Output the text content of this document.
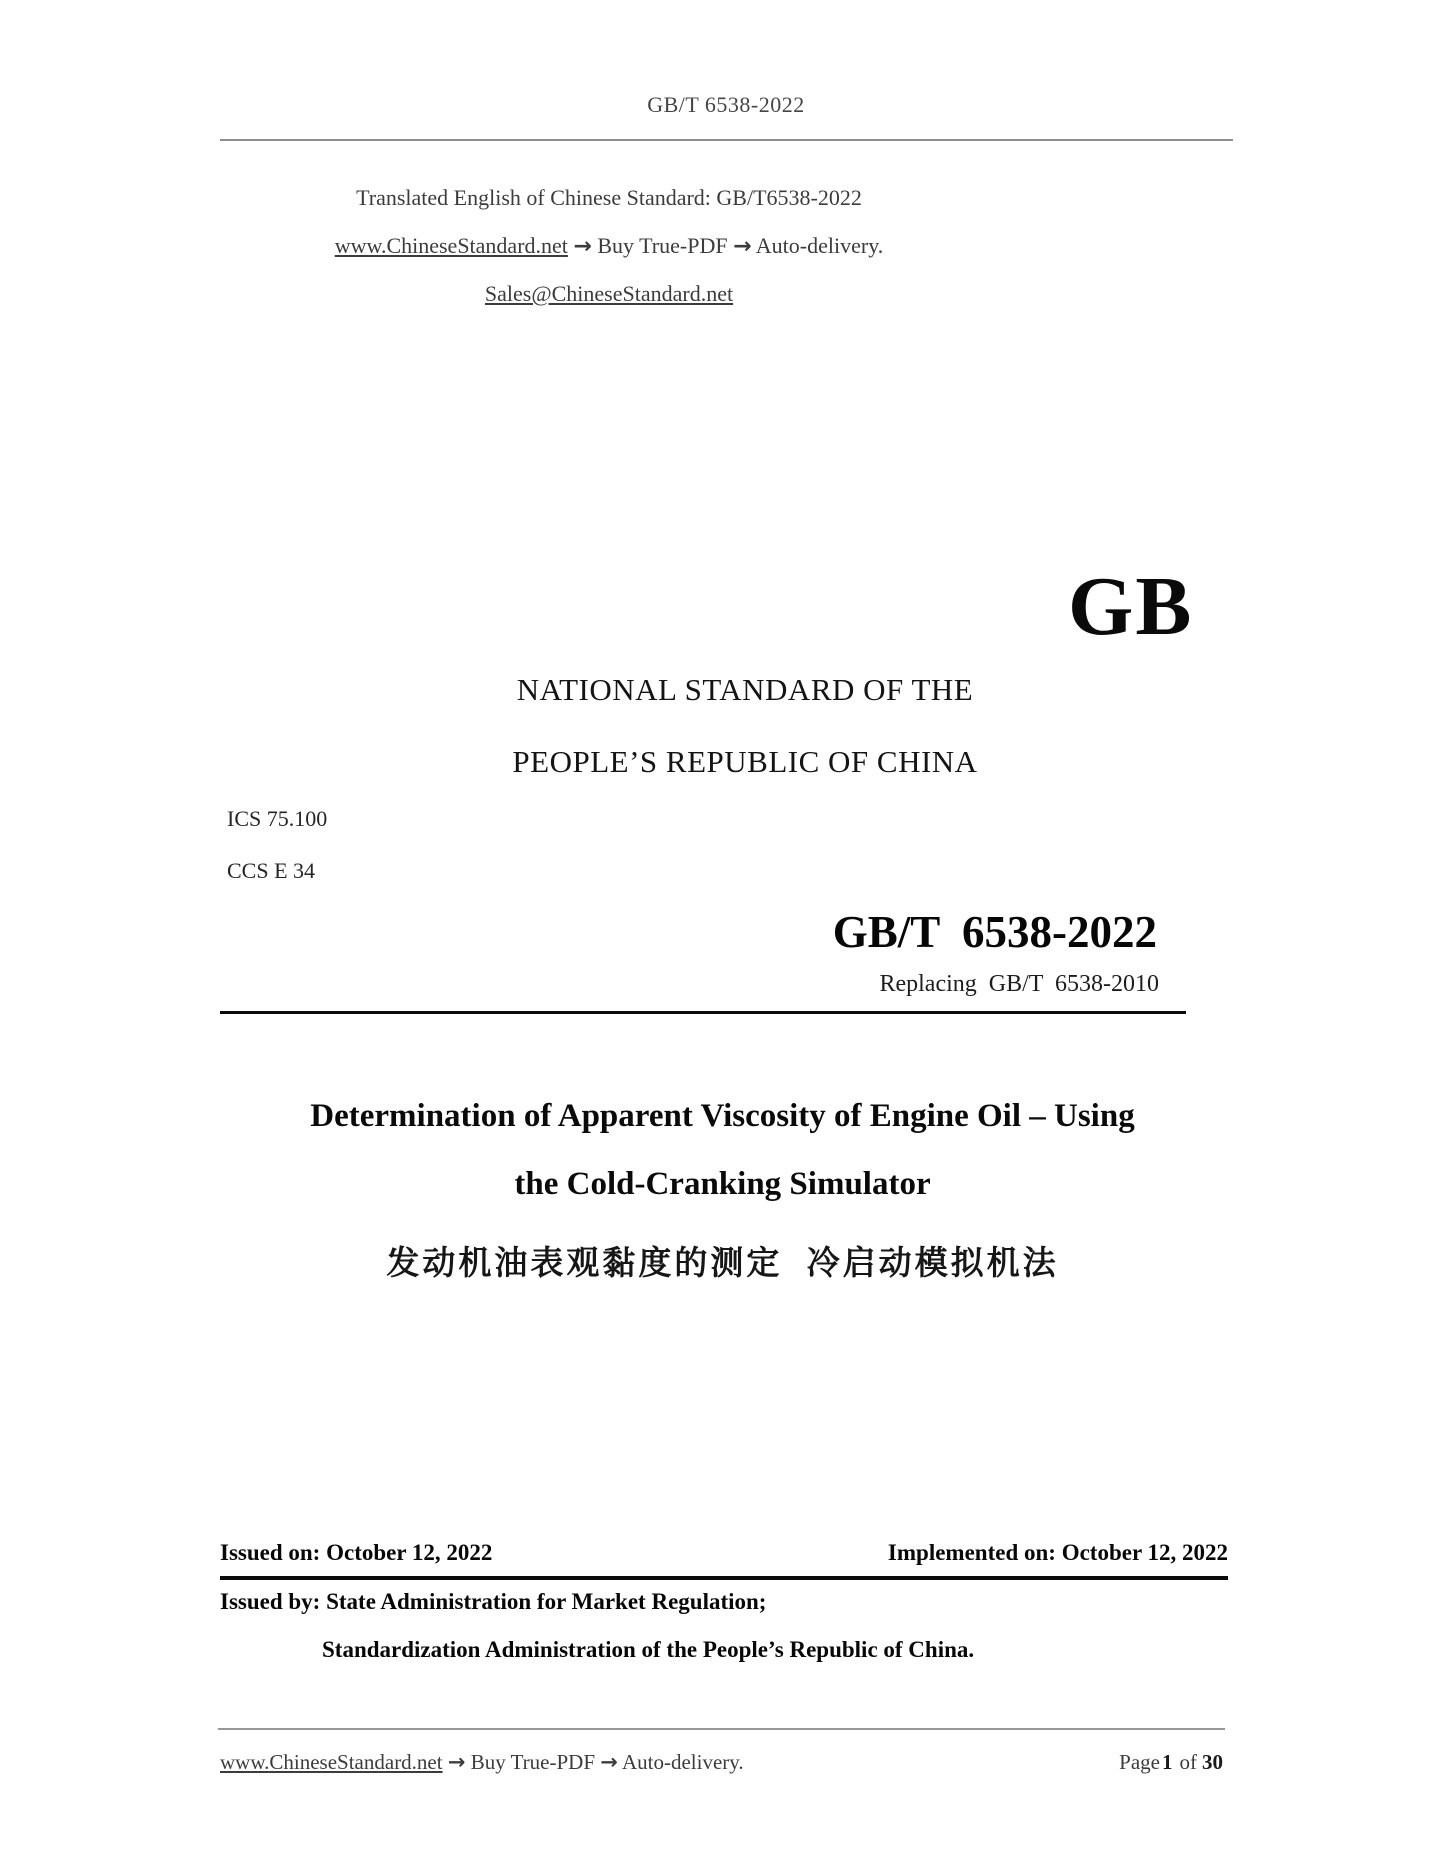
GB/T 6538-2022
Translated English of Chinese Standard: GB/T6538-2022
www.ChineseStandard.net → Buy True-PDF → Auto-delivery.
Sales@ChineseStandard.net
GB
NATIONAL STANDARD OF THE
PEOPLE’S REPUBLIC OF CHINA
ICS 75.100
CCS E 34
GB/T  6538-2022
Replacing  GB/T  6538-2010
Determination of Apparent Viscosity of Engine Oil – Using
the Cold-Cranking Simulator
发动机油表观黏度的测定  冷启动模拟机法
Issued on: October 12, 2022	Implemented on: October 12, 2022
Issued by: State Administration for Market Regulation;
Standardization Administration of the People’s Republic of China.
www.ChineseStandard.net → Buy True-PDF → Auto-delivery.	Page1 of 30
